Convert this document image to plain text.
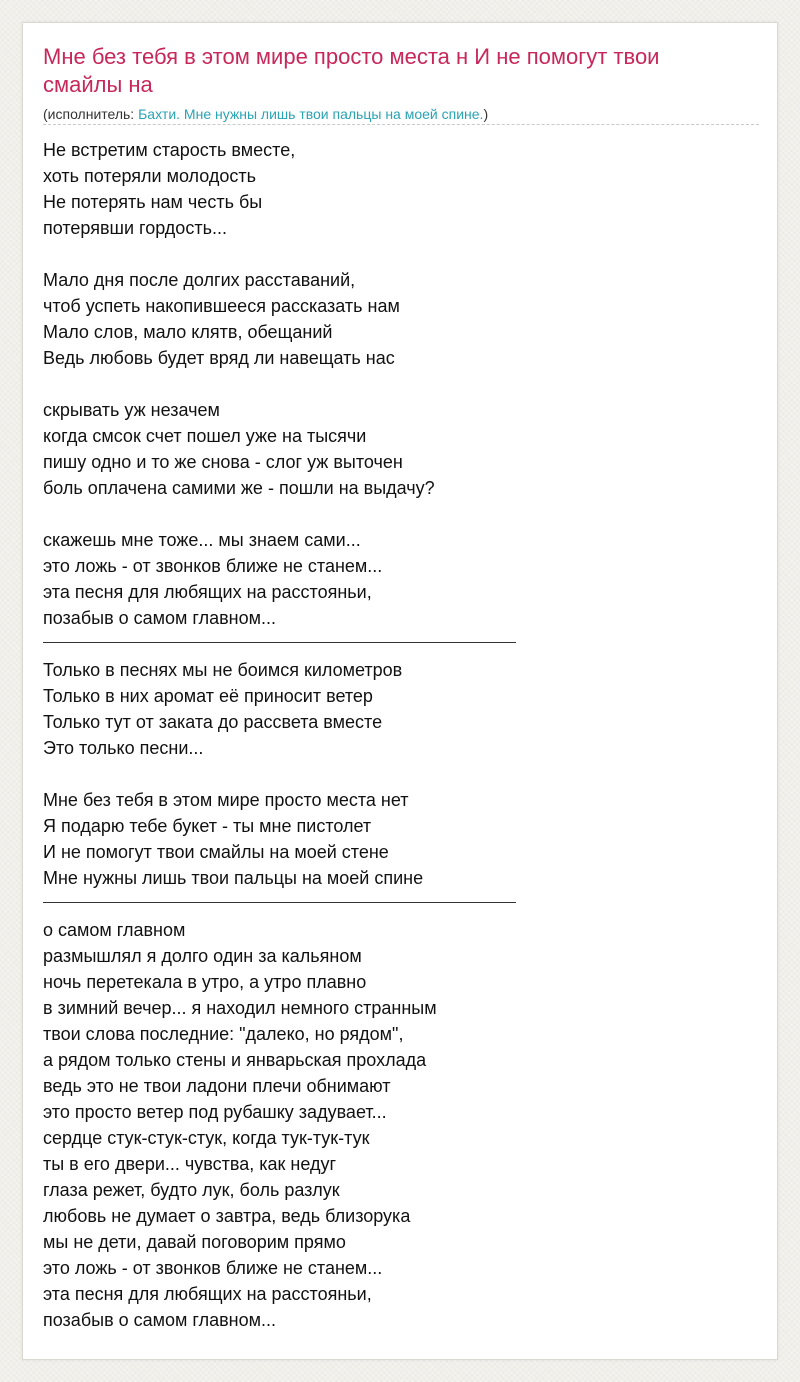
Мне без тебя в этом мире просто места н И не помогут твои смайлы на
(исполнитель: Бахти. Мне нужны лишь твои пальцы на моей спине.)
Не встретим старость вместе,
хоть потеряли молодость
Не потерять нам честь бы
потерявши гордость...
Мало дня после долгих расставаний,
чтоб успеть накопившееся рассказать нам
Мало слов, мало клятв, обещаний
Ведь любовь будет вряд ли навещать нас
скрывать уж незачем
когда смсок счет пошел уже на тысячи
пишу одно и то же снова - слог уж выточен
боль оплачена самими же - пошли на выдачу?
скажешь мне тоже... мы знаем сами...
это ложь - от звонков ближе не станем...
эта песня для любящих на расстояньи,
позабыв о самом главном...
Только в песнях мы не боимся километров
Только в них аромат её приносит ветер
Только тут от заката до рассвета вместе
Это только песни...
Мне без тебя в этом мире просто места нет
Я подарю тебе букет - ты мне пистолет
И не помогут твои смайлы на моей стене
Мне нужны лишь твои пальцы на моей спине
о самом главном
размышлял я долго один за кальяном
ночь перетекала в утро, а утро плавно
в зимний вечер... я находил немного странным
твои слова последние: "далеко, но рядом",
а рядом только стены и январьская прохлада
ведь это не твои ладони плечи обнимают
это просто ветер под рубашку задувает...
сердце стук-стук-стук, когда тук-тук-тук
ты в его двери... чувства, как недуг
глаза режет, будто лук, боль разлук
любовь не думает о завтра, ведь близорука
мы не дети, давай поговорим прямо
это ложь - от звонков ближе не станем...
эта песня для любящих на расстояньи,
позабыв о самом главном...
